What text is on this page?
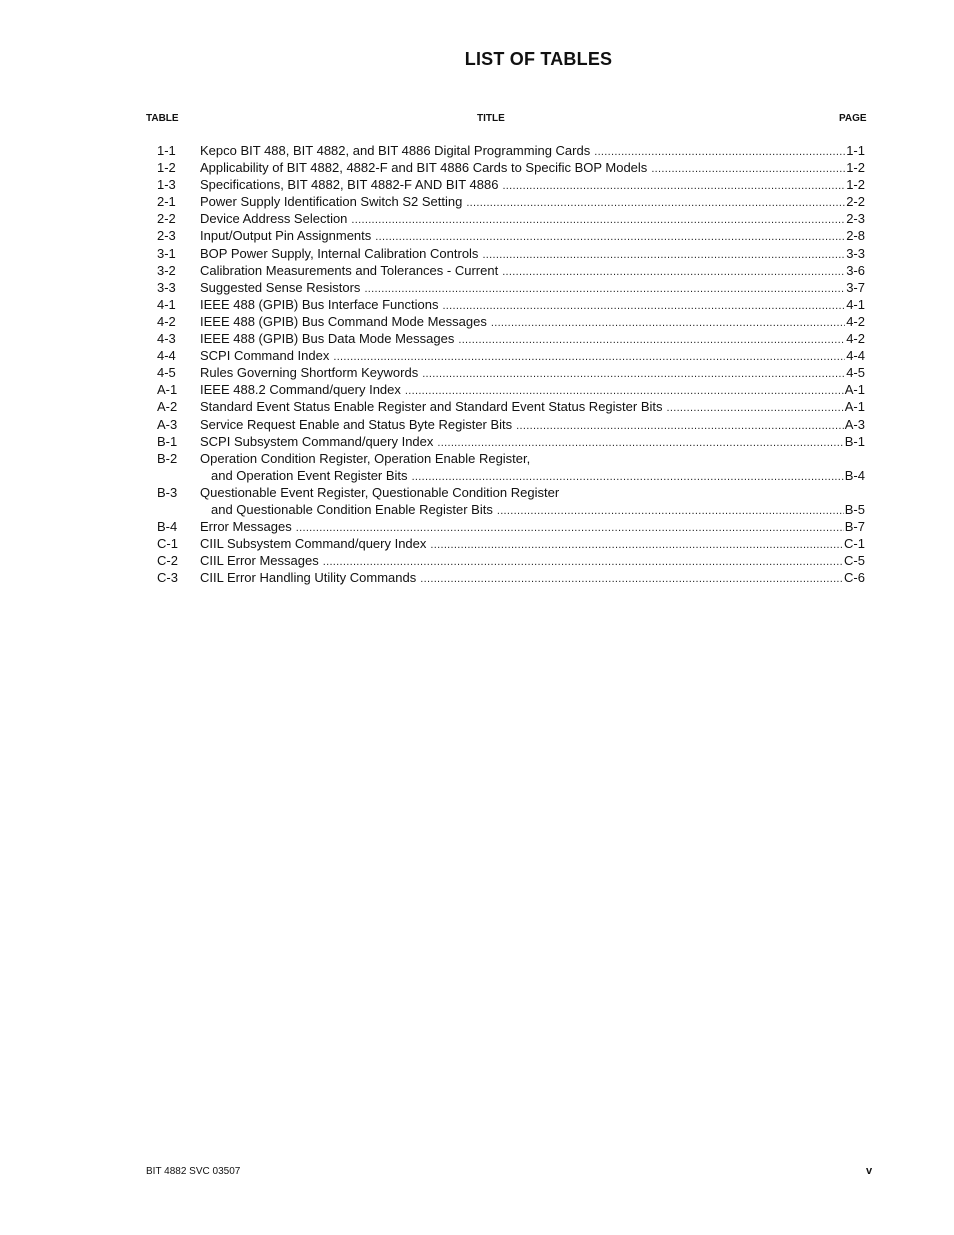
LIST OF TABLES
TABLE	TITLE	PAGE
1-1	Kepco BIT 488, BIT 4882, and BIT 4886 Digital Programming Cards .....	1-1
1-2	Applicability of BIT 4882, 4882-F and BIT 4886 Cards to Specific BOP Models .....	1-2
1-3	Specifications, BIT 4882, BIT 4882-F AND BIT 4886 .....	1-2
2-1	Power Supply Identification Switch S2 Setting .....	2-2
2-2	Device Address Selection .....	2-3
2-3	Input/Output Pin Assignments .....	2-8
3-1	BOP Power Supply, Internal Calibration Controls .....	3-3
3-2	Calibration Measurements and Tolerances - Current .....	3-6
3-3	Suggested Sense Resistors .....	3-7
4-1	IEEE 488 (GPIB) Bus Interface Functions .....	4-1
4-2	IEEE 488 (GPIB) Bus Command Mode Messages .....	4-2
4-3	IEEE 488 (GPIB) Bus Data Mode Messages .....	4-2
4-4	SCPI Command Index .....	4-4
4-5	Rules Governing Shortform Keywords .....	4-5
A-1	IEEE 488.2 Command/query Index .....	A-1
A-2	Standard Event Status Enable Register and Standard Event Status Register Bits .....	A-1
A-3	Service Request Enable and Status Byte Register Bits .....	A-3
B-1	SCPI Subsystem Command/query Index .....	B-1
B-2	Operation Condition Register, Operation Enable Register,
and Operation Event Register Bits .....	B-4
B-3	Questionable Event Register, Questionable Condition Register
and Questionable Condition Enable Register Bits .....	B-5
B-4	Error Messages .....	B-7
C-1	CIIL Subsystem Command/query Index .....	C-1
C-2	CIIL Error Messages .....	C-5
C-3	CIIL Error Handling Utility Commands .....	C-6
BIT 4882 SVC 03507	v
